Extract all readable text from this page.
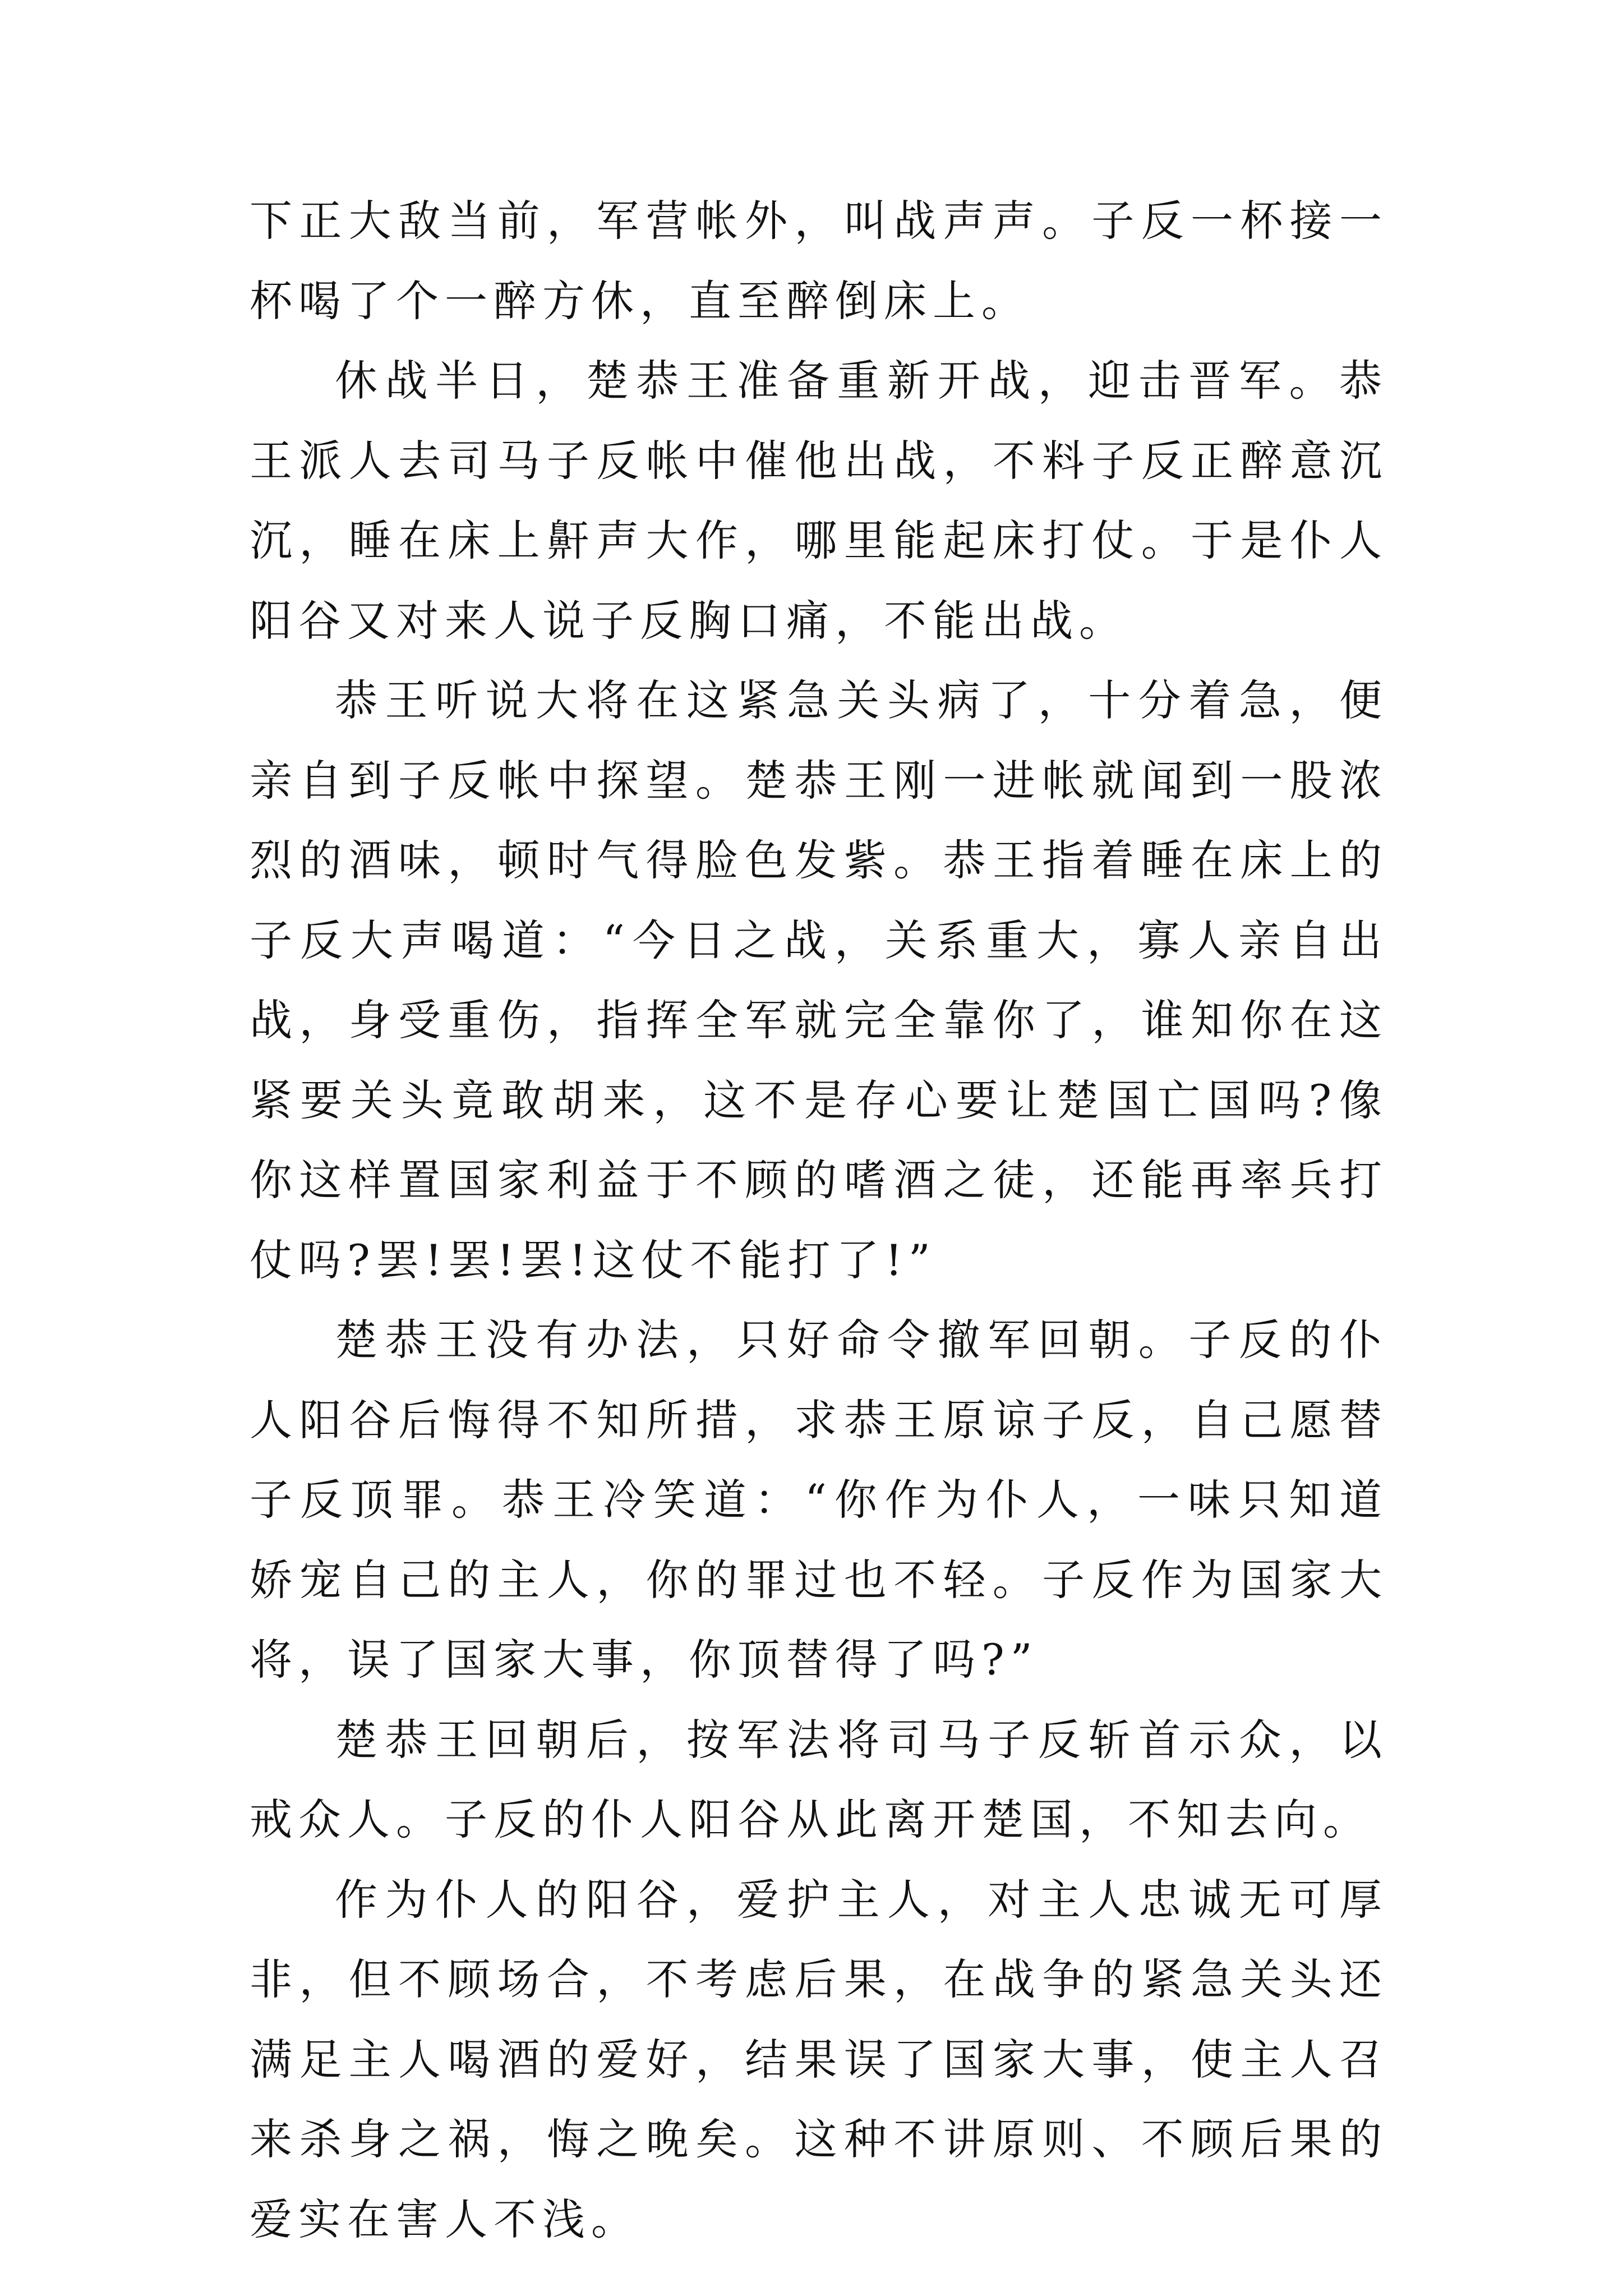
下正大敌当前，军营帐外，叫战声声。子反一杯接一杯喝了个一醉方休，直至醉倒床上。

休战半日，楚恭王准备重新开战，迎击晋军。恭王派人去司马子反帐中催他出战，不料子反正醉意沉沉，睡在床上鼾声大作，哪里能起床打仗。于是仆人阳谷又对来人说子反胸口痛，不能出战。

恭王听说大将在这紧急关头病了，十分着急，便亲自到子反帐中探望。楚恭王刚一进帐就闻到一股浓烈的酒味，顿时气得脸色发紫。恭王指着睡在床上的子反大声喝道：“今日之战，关系重大，寡人亲自出战，身受重伤，指挥全军就完全靠你了，谁知你在这紧要关头竟敢胡来，这不是存心要让楚国亡国吗?像你这样置国家利益于不顾的嗜酒之徒，还能再率兵打仗吗?罢!罢!罢!这仗不能打了!”

楚恭王没有办法，只好命令撤军回朝。子反的仆人阳谷后悔得不知所措，求恭王原谅子反，自己愿替子反顶罪。恭王冷笑道：“你作为仆人，一味只知道娇宠自己的主人，你的罪过也不轻。子反作为国家大将，误了国家大事，你顶替得了吗?”

楚恭王回朝后，按军法将司马子反斩首示众，以戒众人。子反的仆人阳谷从此离开楚国，不知去向。

作为仆人的阳谷，爱护主人，对主人忠诚无可厚非，但不顾场合，不考虑后果，在战争的紧急关头还满足主人喝酒的爱好，结果误了国家大事，使主人召来杀身之祸，悔之晚矣。这种不讲原则、不顾后果的爱实在害人不浅。
